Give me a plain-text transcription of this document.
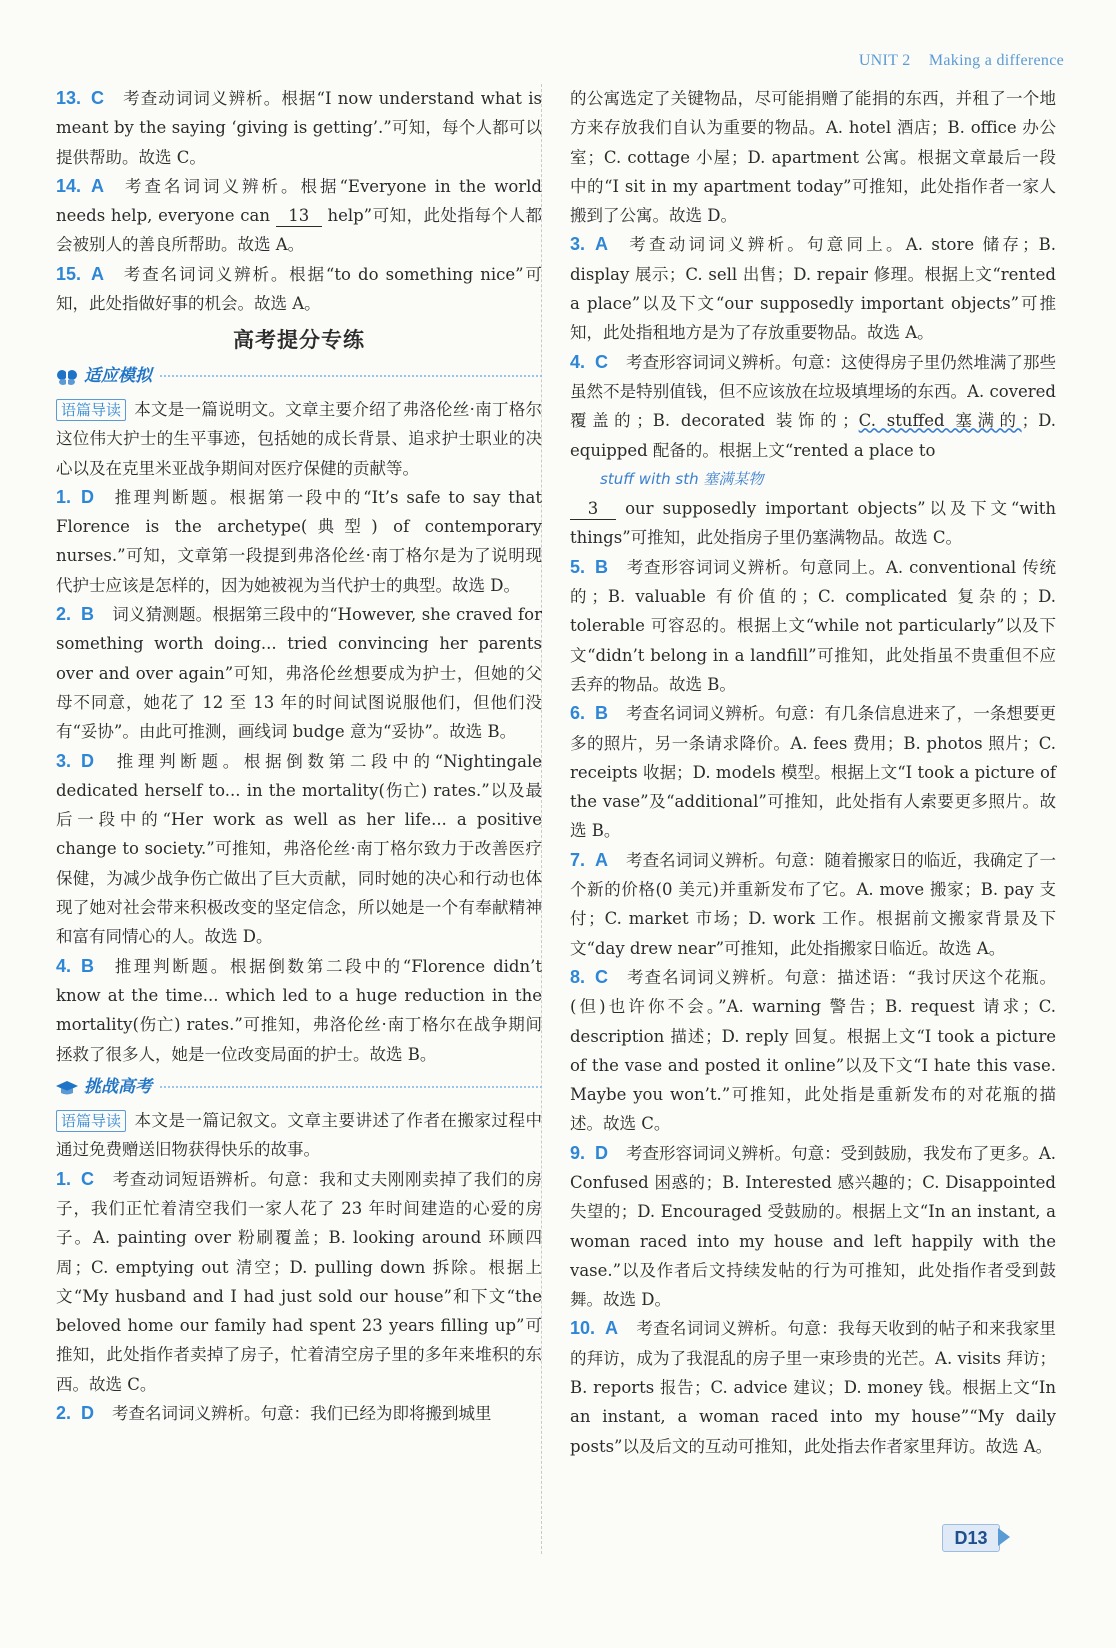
UNIT 2 Making a difference
13. C 考查动词词义辨析。根据“I now understand what is meant by the saying ‘giving is getting’.”可知，每个人都可以提供帮助。故选 C。
14. A 考查名词词义辨析。根据“Everyone in the world needs help, everyone can 13 help”可知，此处指每个人都会被别人的善良所帮助。故选 A。
15. A 考查名词词义辨析。根据“to do something nice”可知，此处指做好事的机会。故选 A。
高考提分专练
适应模拟
语篇导读 本文是一篇说明文。文章主要介绍了弗洛伦丝·南丁格尔这位伟大护士的生平事迹，包括她的成长背景、追求护士职业的决心以及在克里米亚战争期间对医疗保健的贡献等。
1. D 推理判断题。根据第一段中的“It’s safe to say that Florence is the archetype(典型) of contemporary nurses.”可知，文章第一段提到弗洛伦丝·南丁格尔是为了说明现代护士应该是怎样的，因为她被视为当代护士的典型。故选 D。
2. B 词义猜测题。根据第三段中的“However, she craved for something worth doing... tried convincing her parents over and over again”可知，弗洛伦丝想要成为护士，但她的父母不同意，她花了 12 至 13 年的时间试图说服他们，但他们没有“妥协”。由此可推测，画线词 budge 意为“妥协”。故选 B。
3. D 推理判断题。根据倒数第二段中的“Nightingale dedicated herself to... in the mortality(伤亡) rates.”以及最后一段中的“Her work as well as her life... a positive change to society.”可推知，弗洛伦丝·南丁格尔致力于改善医疗保健，为减少战争伤亡做出了巨大贡献，同时她的决心和行动也体现了她对社会带来积极改变的坚定信念，所以她是一个有奉献精神和富有同情心的人。故选 D。
4. B 推理判断题。根据倒数第二段中的“Florence didn’t know at the time... which led to a huge reduction in the mortality(伤亡) rates.”可推知，弗洛伦丝·南丁格尔在战争期间拯救了很多人，她是一位改变局面的护士。故选 B。
挑战高考
语篇导读 本文是一篇记叙文。文章主要讲述了作者在搬家过程中通过免费赠送旧物获得快乐的故事。
1. C 考查动词短语辨析。句意：我和丈夫刚刚卖掉了我们的房子，我们正忙着清空我们一家人花了 23 年时间建造的心爱的房子。A. painting over 粉刷覆盖；B. looking around 环顾四周；C. emptying out 清空；D. pulling down 拆除。根据上文“My husband and I had just sold our house”和下文“the beloved home our family had spent 23 years filling up”可推知，此处指作者卖掉了房子，忙着清空房子里的多年来堆积的东西。故选 C。
2. D 考查名词词义辨析。句意：我们已经为即将搬到城里
的公寓选定了关键物品，尽可能捐赠了能捐的东西，并租了一个地方来存放我们自认为重要的物品。A. hotel 酒店；B. office 办公室；C. cottage 小屋；D. apartment 公寓。根据文章最后一段中的“I sit in my apartment today”可推知，此处指作者一家人搬到了公寓。故选 D。
3. A 考查动词词义辨析。句意同上。A. store 储存；B. display 展示；C. sell 出售；D. repair 修理。根据上文“rented a place”以及下文“our supposedly important objects”可推知，此处指租地方是为了存放重要物品。故选 A。
4. C 考查形容词词义辨析。句意：这使得房子里仍然堆满了那些虽然不是特别值钱，但不应该放在垃圾填埋场的东西。A. covered 覆盖的；B. decorated 装饰的；C. stuffed 塞满的；D. equipped 配备的。根据上文“rented a place to
stuff with sth 塞满某物
3 our supposedly important objects”以及下文“with things”可推知，此处指房子里仍塞满物品。故选 C。
5. B 考查形容词词义辨析。句意同上。A. conventional 传统的；B. valuable 有价值的；C. complicated 复杂的；D. tolerable 可容忍的。根据上文“while not particularly”以及下文“didn’t belong in a landfill”可推知，此处指虽不贵重但不应丢弃的物品。故选 B。
6. B 考查名词词义辨析。句意：有几条信息进来了，一条想要更多的照片，另一条请求降价。A. fees 费用；B. photos 照片；C. receipts 收据；D. models 模型。根据上文“I took a picture of the vase”及“additional”可推知，此处指有人索要更多照片。故选 B。
7. A 考查名词词义辨析。句意：随着搬家日的临近，我确定了一个新的价格(0 美元)并重新发布了它。A. move 搬家；B. pay 支付；C. market 市场；D. work 工作。根据前文搬家背景及下文“day drew near”可推知，此处指搬家日临近。故选 A。
8. C 考查名词词义辨析。句意：描述语：“我讨厌这个花瓶。(但)也许你不会。”A. warning 警告；B. request 请求；C. description 描述；D. reply 回复。根据上文“I took a picture of the vase and posted it online”以及下文“I hate this vase. Maybe you won’t.”可推知，此处指是重新发布的对花瓶的描述。故选 C。
9. D 考查形容词词义辨析。句意：受到鼓励，我发布了更多。A. Confused 困惑的；B. Interested 感兴趣的；C. Disappointed 失望的；D. Encouraged 受鼓励的。根据上文“In an instant, a woman raced into my house and left happily with the vase.”以及作者后文持续发帖的行为可推知，此处指作者受到鼓舞。故选 D。
10. A 考查名词词义辨析。句意：我每天收到的帖子和来我家里的拜访，成为了我混乱的房子里一束珍贵的光芒。A. visits 拜访；B. reports 报告；C. advice 建议；D. money 钱。根据上文“In an instant, a woman raced into my house”“My daily posts”以及后文的互动可推知，此处指去作者家里拜访。故选 A。
D13
